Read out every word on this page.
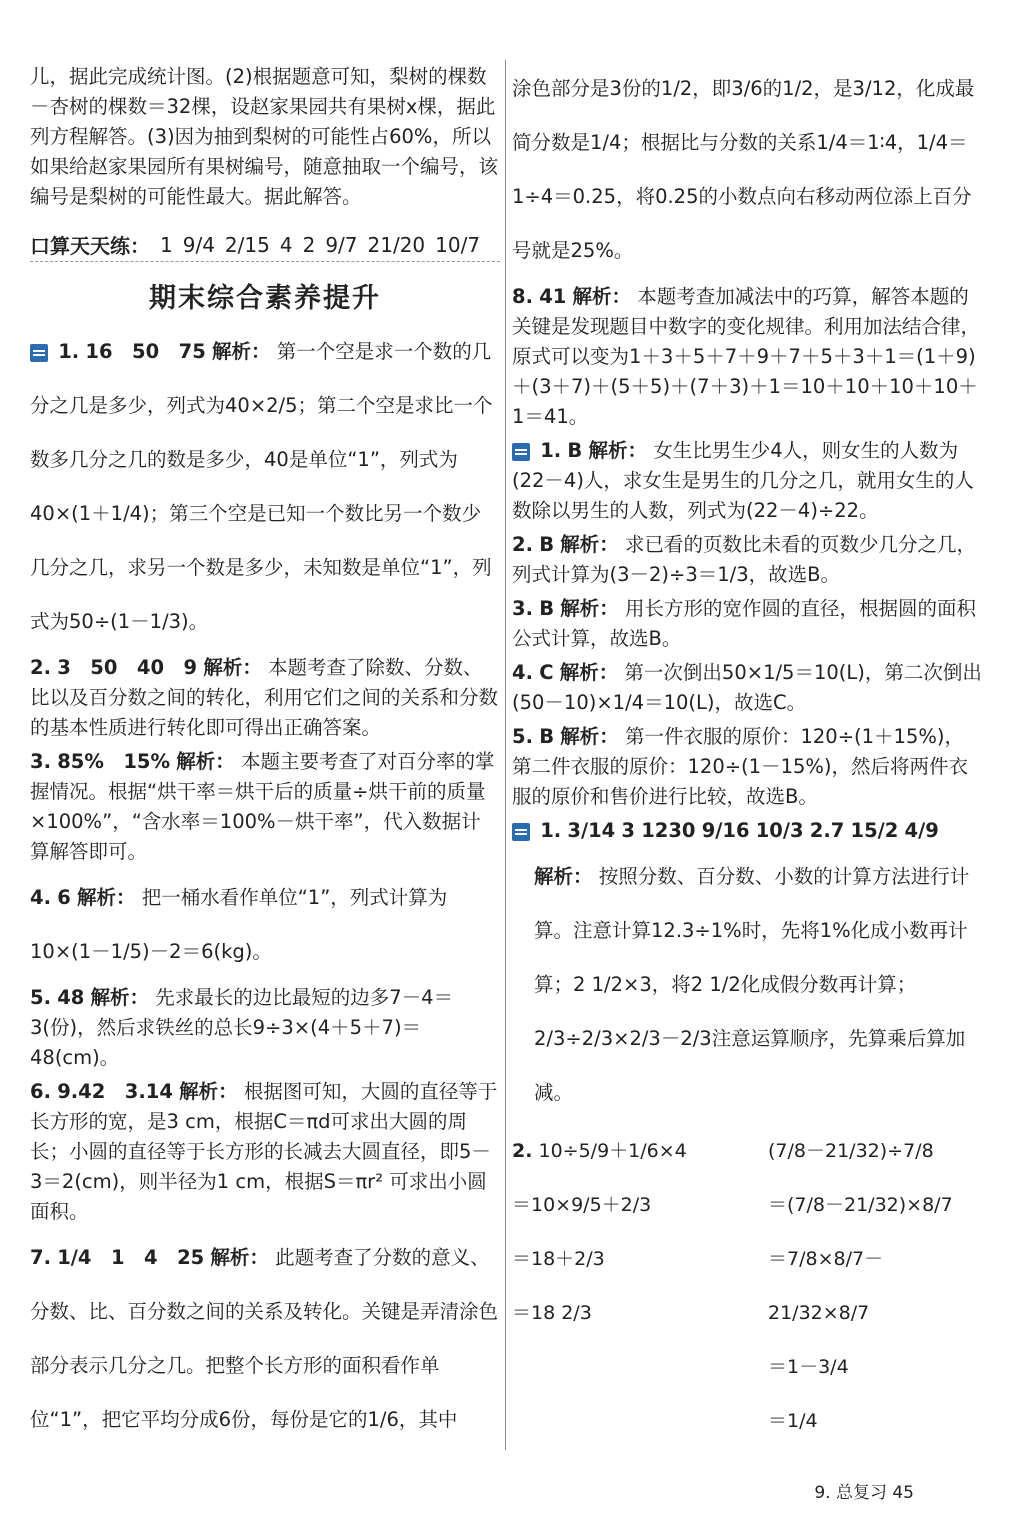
儿，据此完成统计图。(2)根据题意可知，梨树的棵数－杏树的棵数＝32棵，设赵家果园共有果树x棵，据此列方程解答。(3)因为抽到梨树的可能性占60%，所以如果给赵家果园所有果树编号，随意抽取一个编号，该编号是梨树的可能性最大。据此解答。

口算天天练： 1 9/4 2/15 4 2 9/7 21/20 10/7
期末综合素养提升

1. 16　50　75 解析： 第一个空是求一个数的几分之几是多少，列式为40×2/5；第二个空是求比一个数多几分之几的数是多少，40是单位“1”，列式为40×(1＋1/4)；第三个空是已知一个数比另一个数少几分之几，求另一个数是多少，未知数是单位“1”，列式为50÷(1－1/3)。

2. 3　50　40　9 解析： 本题考查了除数、分数、比以及百分数之间的转化，利用它们之间的关系和分数的基本性质进行转化即可得出正确答案。

3. 85%　15% 解析： 本题主要考查了对百分率的掌握情况。根据“烘干率＝烘干后的质量÷烘干前的质量×100%”，“含水率＝100%－烘干率”，代入数据计算解答即可。

4. 6 解析： 把一桶水看作单位“1”，列式计算为10×(1－1/5)－2＝6(kg)。

5. 48 解析： 先求最长的边比最短的边多7－4＝3(份)，然后求铁丝的总长9÷3×(4＋5＋7)＝48(cm)。

6. 9.42　3.14 解析： 根据图可知，大圆的直径等于长方形的宽，是3 cm，根据C＝πd可求出大圆的周长；小圆的直径等于长方形的长减去大圆直径，即5－3＝2(cm)，则半径为1 cm，根据S＝πr² 可求出小圆面积。

7. 1/4　1　4　25 解析： 此题考查了分数的意义、分数、比、百分数之间的关系及转化。关键是弄清涂色部分表示几分之几。把整个长方形的面积看作单位“1”，把它平均分成6份，每份是它的1/6，其中

涂色部分是3份的1/2，即3/6的1/2，是3/12，化成最简分数是1/4；根据比与分数的关系1/4＝1∶4，1/4＝1÷4＝0.25，将0.25的小数点向右移动两位添上百分号就是25%。

8. 41 解析： 本题考查加减法中的巧算，解答本题的关键是发现题目中数字的变化规律。利用加法结合律，原式可以变为1＋3＋5＋7＋9＋7＋5＋3＋1＝(1＋9)＋(3＋7)＋(5＋5)＋(7＋3)＋1＝10＋10＋10＋10＋1＝41。

1. B 解析： 女生比男生少4人，则女生的人数为(22－4)人，求女生是男生的几分之几，就用女生的人数除以男生的人数，列式为(22－4)÷22。

2. B 解析： 求已看的页数比未看的页数少几分之几，列式计算为(3－2)÷3＝1/3，故选B。

3. B 解析： 用长方形的宽作圆的直径，根据圆的面积公式计算，故选B。

4. C 解析： 第一次倒出50×1/5＝10(L)，第二次倒出(50－10)×1/4＝10(L)，故选C。

5. B 解析： 第一件衣服的原价：120÷(1＋15%)，第二件衣服的原价：120÷(1－15%)，然后将两件衣服的原价和售价进行比较，故选B。

1. 3/14 3 1230 9/16 10/3 2.7 15/2 4/9

解析： 按照分数、百分数、小数的计算方法进行计算。注意计算12.3÷1%时，先将1%化成小数再计算；2 1/2×3，将2 1/2化成假分数再计算；2/3÷2/3×2/3－2/3注意运算顺序，先算乘后算加减。

2. 10÷5/9＋1/6×4
＝10×9/5＋2/3
＝18＋2/3
＝18 2/3
(7/8－21/32)÷7/8
＝(7/8－21/32)×8/7
＝7/8×8/7－21/32×8/7
＝1－3/4
＝1/4
9. 总复习 45
